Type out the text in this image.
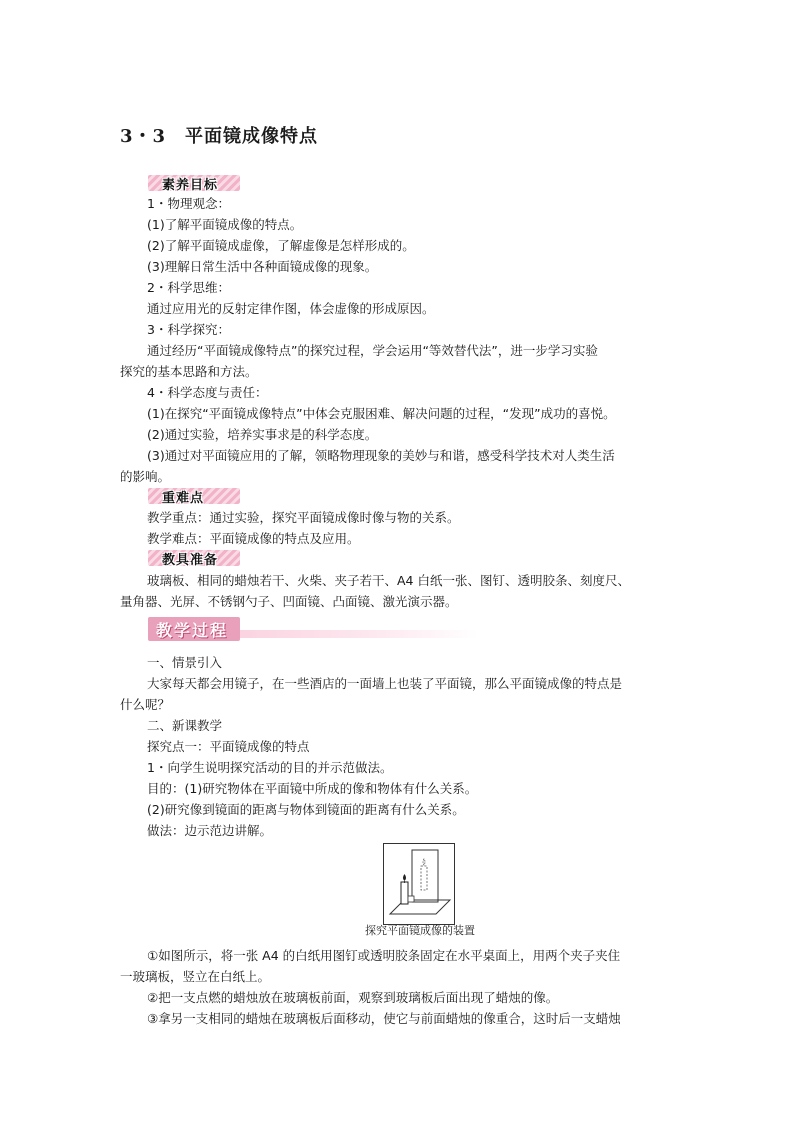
3・3　平面镜成像特点
素养目标
1・物理观念：
(1)了解平面镜成像的特点。
(2)了解平面镜成虚像，了解虚像是怎样形成的。
(3)理解日常生活中各种面镜成像的现象。
2・科学思维：
通过应用光的反射定律作图，体会虚像的形成原因。
3・科学探究：
通过经历“平面镜成像特点”的探究过程，学会运用“等效替代法”，进一步学习实验
探究的基本思路和方法。
4・科学态度与责任：
(1)在探究“平面镜成像特点”中体会克服困难、解决问题的过程，“发现”成功的喜悦。
(2)通过实验，培养实事求是的科学态度。
(3)通过对平面镜应用的了解，领略物理现象的美妙与和谐，感受科学技术对人类生活
的影响。
重难点
教学重点：通过实验，探究平面镜成像时像与物的关系。
教学难点：平面镜成像的特点及应用。
教具准备
玻璃板、相同的蜡烛若干、火柴、夹子若干、A4 白纸一张、图钉、透明胶条、刻度尺、
量角器、光屏、不锈钢勺子、凹面镜、凸面镜、激光演示器。
教学过程
一、情景引入
大家每天都会用镜子，在一些酒店的一面墙上也装了平面镜，那么平面镜成像的特点是
什么呢？
二、新课教学
探究点一：平面镜成像的特点
1・向学生说明探究活动的目的并示范做法。
目的：(1)研究物体在平面镜中所成的像和物体有什么关系。
(2)研究像到镜面的距离与物体到镜面的距离有什么关系。
做法：边示范边讲解。
探究平面镜成像的装置
①如图所示，将一张 A4 的白纸用图钉或透明胶条固定在水平桌面上，用两个夹子夹住
一玻璃板，竖立在白纸上。
②把一支点燃的蜡烛放在玻璃板前面，观察到玻璃板后面出现了蜡烛的像。
③拿另一支相同的蜡烛在玻璃板后面移动，使它与前面蜡烛的像重合，这时后一支蜡烛
